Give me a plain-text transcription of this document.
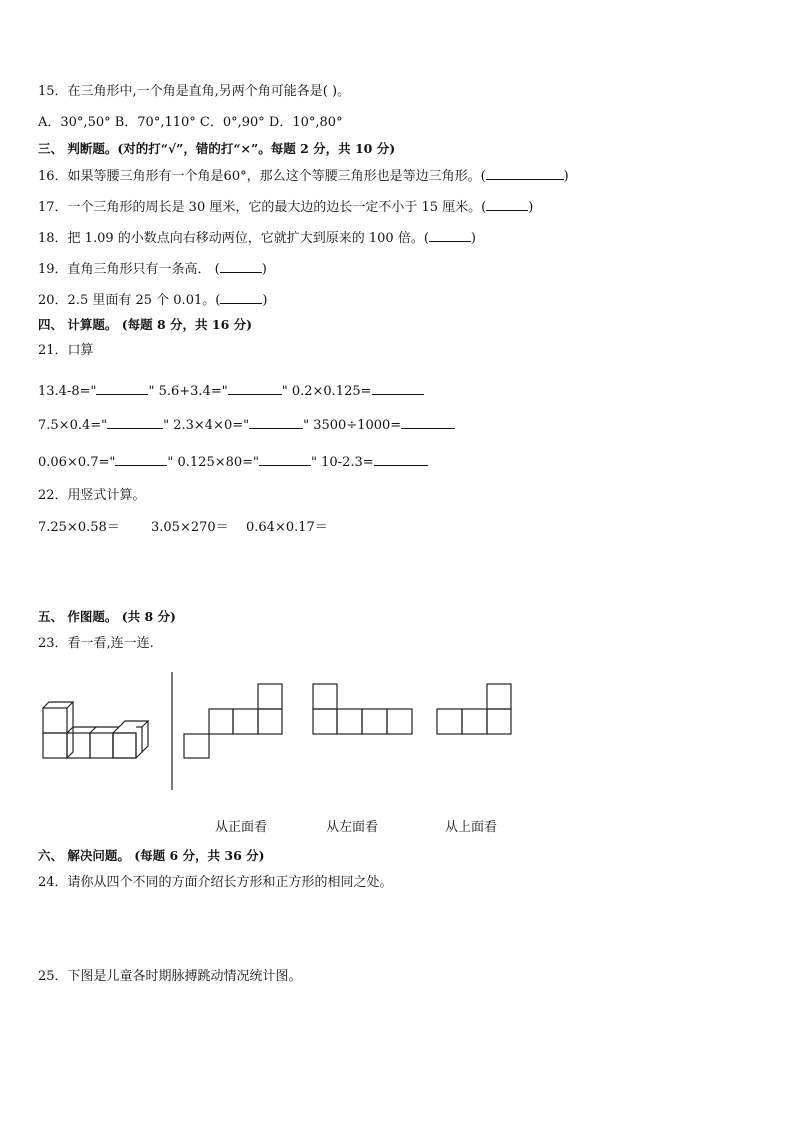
15．在三角形中,一个角是直角,另两个角可能各是( )。
A．30°,50° B．70°,110° C．0°,90° D．10°,80°
三、 判断题。(对的打“√”，错的打“×”。每题 2 分，共 10 分)
16．如果等腰三角形有一个角是60°，那么这个等腰三角形也是等边三角形。(	)
17．一个三角形的周长是 30 厘米，它的最大边的边长一定不小于 15 厘米。(	)
18．把 1.09 的小数点向右移动两位，它就扩大到原来的 100 倍。(	)
19．直角三角形只有一条高． (	)
20．2.5 里面有 25 个 0.01。(	)
四、 计算题。 (每题 8 分，共 16 分)
21．口算
13.4-8="	" 5.6+3.4="	" 0.2×0.125=
7.5×0.4="	" 2.3×4×0="	" 3500÷1000=
0.06×0.7="	" 0.125×80="	" 10-2.3=
22．用竖式计算。
7.25×0.58＝ 3.05×270＝ 0.64×0.17＝
五、 作图题。 (共 8 分)
23．看一看,连一连.
从正面看	从左面看	从上面看
六、 解决问题。 (每题 6 分，共 36 分)
24．请你从四个不同的方面介绍长方形和正方形的相同之处。
25．下图是儿童各时期脉搏跳动情况统计图。
